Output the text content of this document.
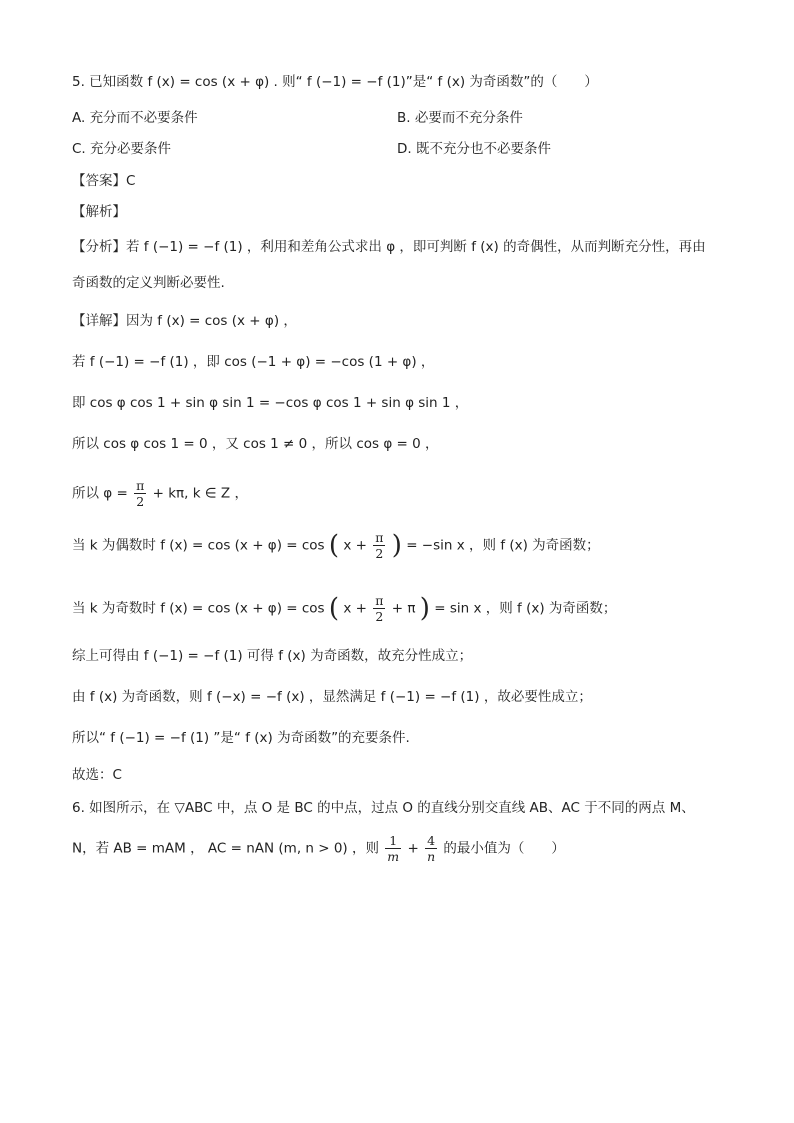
5. 已知函数 f (x) = cos (x + φ) . 则“ f (−1) = −f (1)”是“ f (x) 为奇函数”的（　　）
A. 充分而不必要条件	B. 必要而不充分条件
C. 充分必要条件	D. 既不充分也不必要条件
【答案】C
【解析】
【分析】若 f (−1) = −f (1) ，利用和差角公式求出 φ ，即可判断 f (x) 的奇偶性，从而判断充分性，再由
奇函数的定义判断必要性.
【详解】因为 f (x) = cos (x + φ) ，
若 f (−1) = −f (1) ，即 cos (−1 + φ) = −cos (1 + φ) ，
即 cos φ cos 1 + sin φ sin 1 = −cos φ cos 1 + sin φ sin 1 ，
所以 cos φ cos 1 = 0 ，又 cos 1 ≠ 0 ，所以 cos φ = 0 ，
所以 $\varphi = \frac{\pi}{2} + k\pi$, k ∈ Z ，
当 k 为偶数时 f (x) = cos (x + φ) = cos ( $x + \frac{\pi}{2}$ ) = −sin x ，则 f (x) 为奇函数；
当 k 为奇数时 f (x) = cos (x + φ) = cos ( $x + \frac{\pi}{2} + \pi$ ) = sin x ，则 f (x) 为奇函数；
综上可得由 f (−1) = −f (1) 可得 f (x) 为奇函数，故充分性成立；
由 f (x) 为奇函数，则 f (−x) = −f (x) ，显然满足 f (−1) = −f (1) ，故必要性成立；
所以“ f (−1) = −f (1) ”是“ f (x) 为奇函数”的充要条件.
故选：C
6. 如图所示，在 ▽ABC 中，点 O 是 BC 的中点，过点 O 的直线分别交直线 AB、AC 于不同的两点 M、
N，若 AB = mAM ， AC = nAN (m, n > 0) ，则 $\frac{1}{m} + \frac{4}{n}$ 的最小值为（　　）
